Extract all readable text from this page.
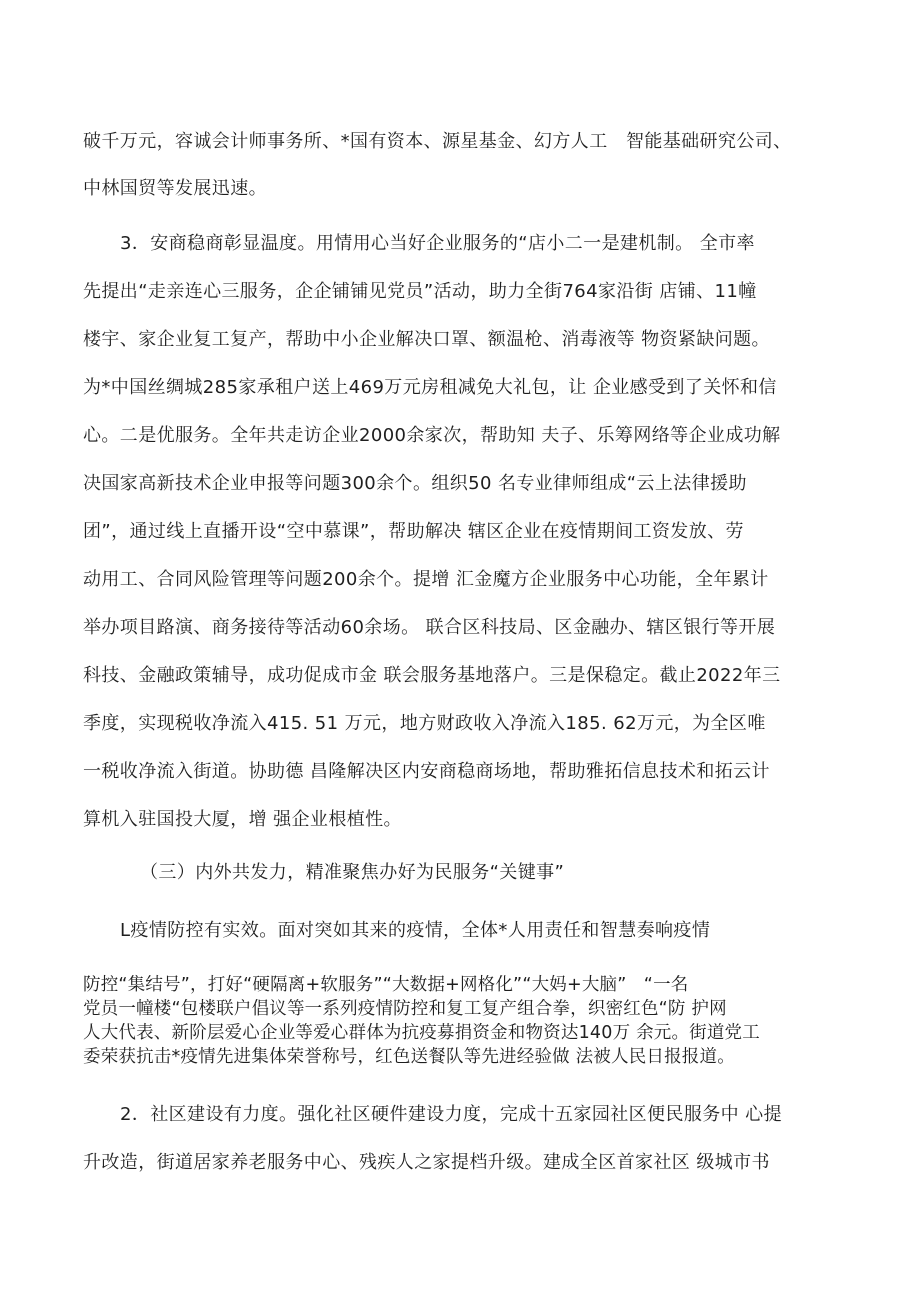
破千万元，容诚会计师事务所、*国有资本、源星基金、幻方人工   智能基础研究公司、
中林国贸等发展迅速。
3．安商稳商彰显温度。用情用心当好企业服务的“店小二一是建机制。 全市率
先提出“走亲连心三服务，企企铺铺见党员”活动，助力全街764家沿街 店铺、11幢
楼宇、家企业复工复产，帮助中小企业解决口罩、额温枪、消毒液等 物资紧缺问题。
为*中国丝绸城285家承租户送上469万元房租减免大礼包，让 企业感受到了关怀和信
心。二是优服务。全年共走访企业2000余家次，帮助知 夫子、乐筹网络等企业成功解
决国家高新技术企业申报等问题300余个。组织50 名专业律师组成“云上法律援助
团”，通过线上直播开设“空中慕课”，帮助解决 辖区企业在疫情期间工资发放、劳
动用工、合同风险管理等问题200余个。提增 汇金魔方企业服务中心功能，全年累计
举办项目路演、商务接待等活动60余场。 联合区科技局、区金融办、辖区银行等开展
科技、金融政策辅导，成功促成市金 联会服务基地落户。三是保稳定。截止2022年三
季度，实现税收净流入415. 51 万元，地方财政收入净流入185. 62万元，为全区唯
一税收净流入街道。协助德 昌隆解决区内安商稳商场地，帮助雅拓信息技术和拓云计
算机入驻国投大厦，增 强企业根植性。
（三）内外共发力，精准聚焦办好为民服务“关键事”
L疫情防控有实效。面对突如其来的疫情，全体*人用责任和智慧奏响疫情
防控“集结号”，打好“硬隔离+软服务”“大数据+网格化”“大妈+大脑”   “一名
党员一幢楼“包楼联户倡议等一系列疫情防控和复工复产组合拳，织密红色“防 护网
人大代表、新阶层爱心企业等爱心群体为抗疫募捐资金和物资达140万 余元。街道党工
委荣获抗击*疫情先进集体荣誉称号，红色送餐队等先进经验做 法被人民日报报道。
2．社区建设有力度。强化社区硬件建设力度，完成十五家园社区便民服务中 心提
升改造，街道居家养老服务中心、残疾人之家提档升级。建成全区首家社区 级城市书
